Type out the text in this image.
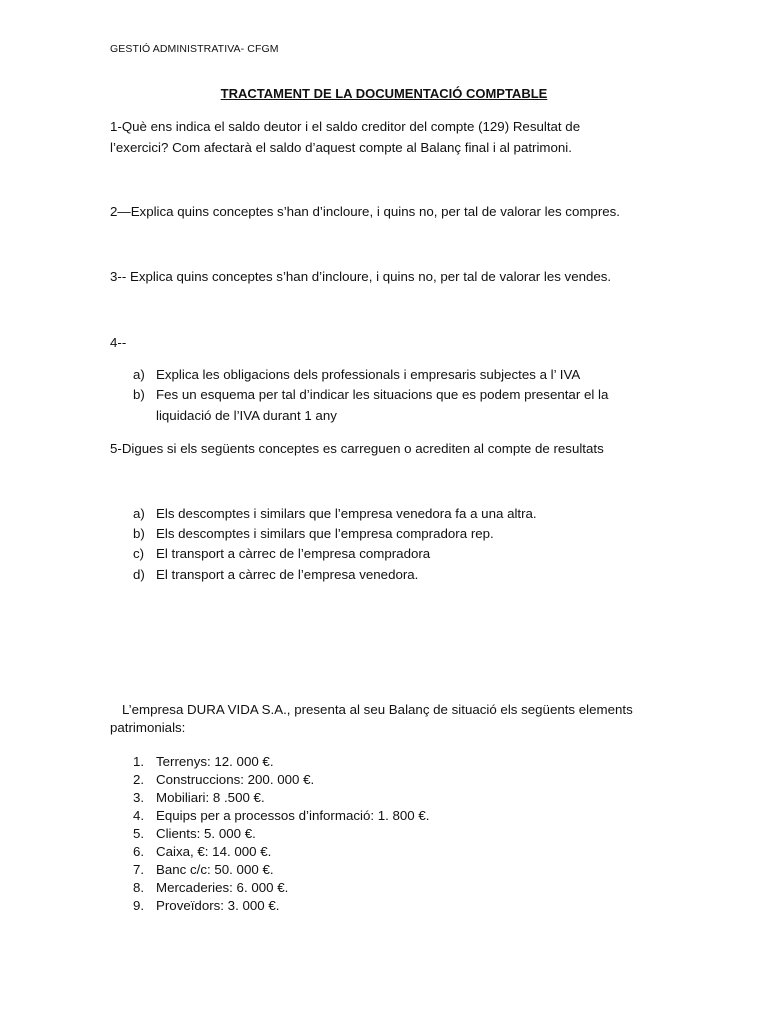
GESTIÓ ADMINISTRATIVA- CFGM
TRACTAMENT DE LA DOCUMENTACIÓ COMPTABLE
1-Què ens indica el saldo deutor i el saldo creditor del compte (129) Resultat de
l’exercici? Com afectarà el saldo d’aquest compte al Balanç final i al patrimoni.
2—Explica quins conceptes s’han d’incloure, i quins no, per tal de valorar les compres.
3-- Explica quins conceptes s’han d’incloure, i quins no, per tal de valorar les vendes.
4--
a) Explica les obligacions dels professionals i empresaris subjectes a l’ IVA
b) Fes un esquema per tal d’indicar les situacions que es podem presentar el la
liquidació de l’IVA durant 1 any
5-Digues si els següents conceptes es carreguen o acrediten al compte de resultats
a) Els descomptes i similars que l’empresa venedora fa a una altra.
b) Els descomptes i similars que l’empresa compradora rep.
c) El transport a càrrec de l’empresa compradora
d) El transport a càrrec de l’empresa venedora.
L’empresa DURA VIDA S.A., presenta al seu Balanç de situació els següents elements
patrimonials:
1. Terrenys: 12. 000 €.
2. Construccions: 200. 000 €.
3. Mobiliari: 8 .500 €.
4. Equips per a processos d’informació: 1. 800 €.
5. Clients: 5. 000 €.
6. Caixa, €: 14. 000 €.
7. Banc c/c: 50. 000 €.
8. Mercaderies: 6. 000 €.
9. Proveïdors: 3. 000 €.
